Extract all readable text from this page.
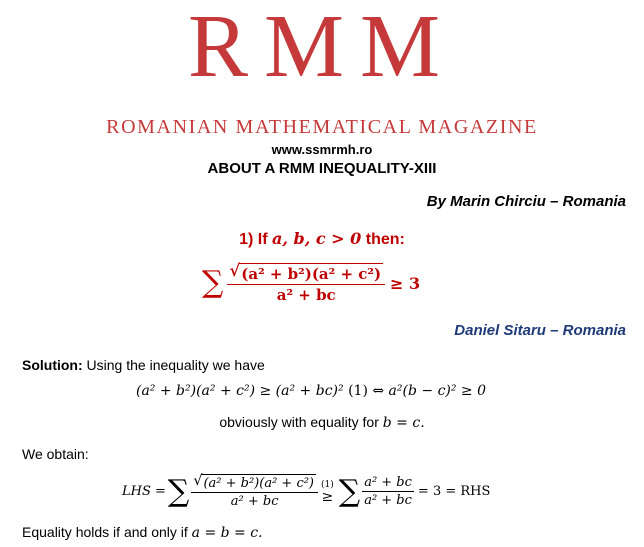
RMM
ROMANIAN MATHEMATICAL MAGAZINE
www.ssmrmh.ro
ABOUT A RMM INEQUALITY-XIII
By Marin Chirciu – Romania
1) If a, b, c > 0 then:
∑ $\frac{\text{√ (a² + b²)(a² + c²)}}{\text{a² + bc}} \ge 3$
Daniel Sitaru – Romania
Solution: Using the inequality we have
(a² + b²)(a² + c²) ≥ (a² + bc)² (1) ⇔ a²(b − c)² ≥ 0
obviously with equality for b = c.
We obtain:
LHS = ∑ $\frac{\text{√ (a² + b²)(a² + c²)}}{\text{a² + bc}} (1)$
≥ ∑ $\frac{\text{a² + bc}}{\text{a² + bc}} = 3$ = RHS
Equality holds if and only if a = b = c.
